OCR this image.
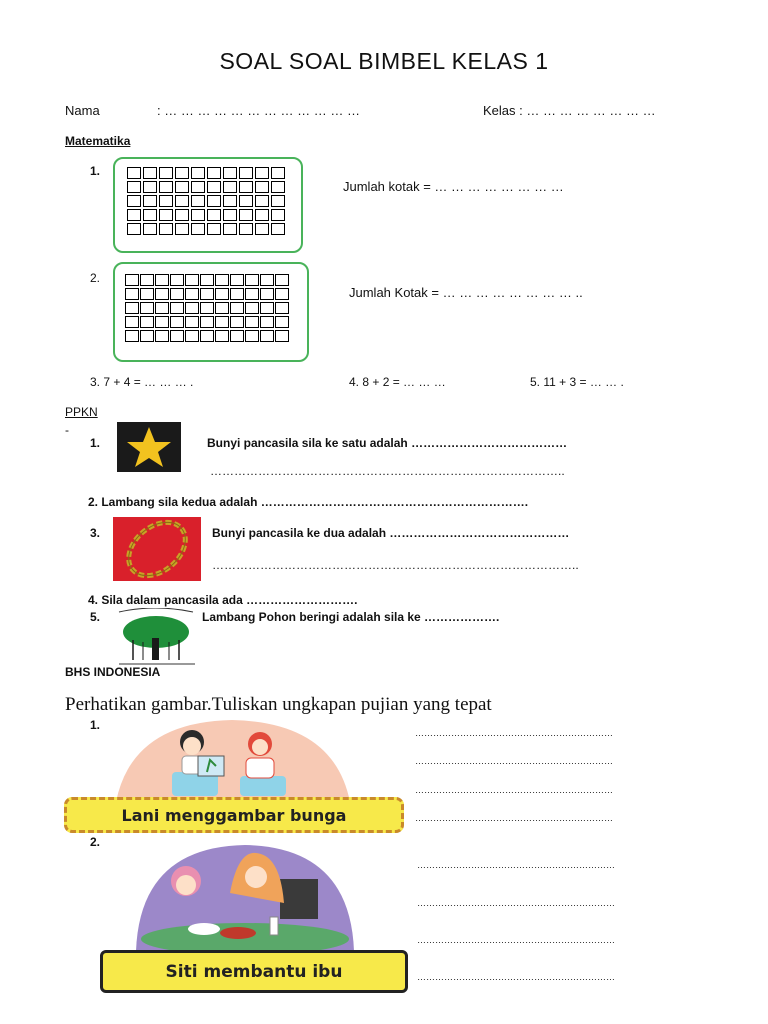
SOAL SOAL BIMBEL KELAS 1
Nama	: … … … … … … … … … … … …	Kelas : … … … … … … … …
Matematika
1.
Jumlah kotak = … … … … … … … …
2.
Jumlah Kotak = … … … … … … … … ..
3. 7 + 4 = … … … .	4. 8 + 2 = … … …	5. 11 + 3 = … … .
PPKN
-
1.	Bunyi pancasila sila ke satu adalah …………………………………
……………………………………………………………………………..
2. Lambang sila kedua adalah ………………………………………………………….
3.	Bunyi pancasila ke dua adalah ………………………………………
………………………………………………………………………………..
4. Sila dalam pancasila ada ……………………….
5.	Lambang Pohon beringi adalah sila ke ……………….
BHS INDONESIA
Perhatikan gambar.Tuliskan ungkapan pujian yang tepat
1.
Lani menggambar bunga
…………………………………………………………
…………………………………………………………
…………………………………………………………
…………………………………………………………
2.
Siti membantu ibu
…………………………………………………………
…………………………………………………………
…………………………………………………………
…………………………………………………………
